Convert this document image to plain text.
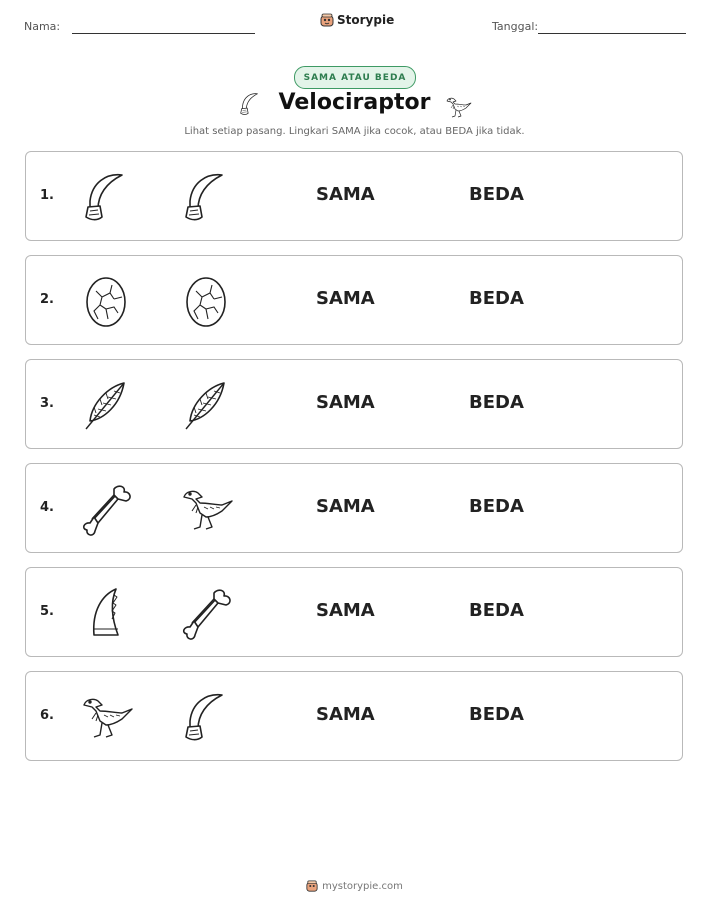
Nama:	Storypie	Tanggal:
SAMA ATAU BEDA
Velociraptor
Lihat setiap pasang. Lingkari SAMA jika cocok, atau BEDA jika tidak.
1.	SAMA	BEDA
2.	SAMA	BEDA
3.	SAMA	BEDA
4.	SAMA	BEDA
5.	SAMA	BEDA
6.	SAMA	BEDA
mystorypie.com
